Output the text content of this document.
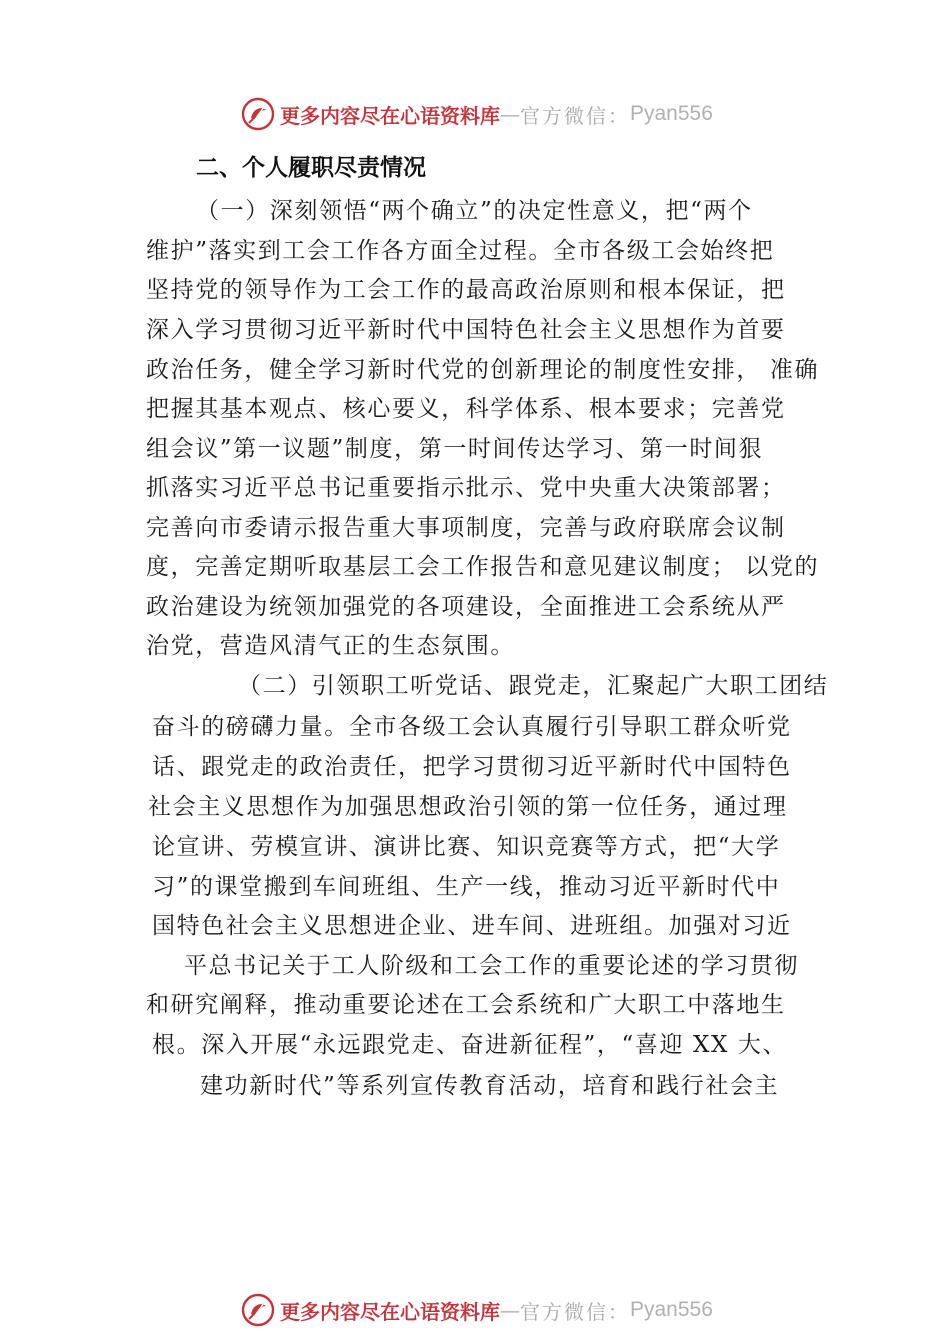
更多内容尽在心语资料库 — 官方微信： Pyan556
二、个人履职尽责情况
（一）深刻领悟“两个确立”的决定性意义，把“两个
维护”落实到工会工作各方面全过程。全市各级工会始终把
坚持党的领导作为工会工作的最高政治原则和根本保证，把
深入学习贯彻习近平新时代中国特色社会主义思想作为首要
政治任务，健全学习新时代党的创新理论的制度性安排， 准确
把握其基本观点、核心要义，科学体系、根本要求；完善党
组会议”第一议题”制度，第一时间传达学习、第一时间狠
抓落实习近平总书记重要指示批示、党中央重大决策部署；
完善向市委请示报告重大事项制度，完善与政府联席会议制
度，完善定期听取基层工会工作报告和意见建议制度； 以党的
政治建设为统领加强党的各项建设，全面推进工会系统从严
治党，营造风清气正的生态氛围。
（二）引领职工听党话、跟党走，汇聚起广大职工团结
奋斗的磅礴力量。全市各级工会认真履行引导职工群众听党
话、跟党走的政治责任，把学习贯彻习近平新时代中国特色
社会主义思想作为加强思想政治引领的第一位任务，通过理
论宣讲、劳模宣讲、演讲比赛、知识竞赛等方式，把“大学
习”的课堂搬到车间班组、生产一线，推动习近平新时代中
国特色社会主义思想进企业、进车间、进班组。加强对习近
平总书记关于工人阶级和工会工作的重要论述的学习贯彻
和研究阐释，推动重要论述在工会系统和广大职工中落地生
根。深入开展“永远跟党走、奋进新征程”，“喜迎 XX 大、
建功新时代”等系列宣传教育活动，培育和践行社会主
更多内容尽在心语资料库 — 官方微信： Pyan556
